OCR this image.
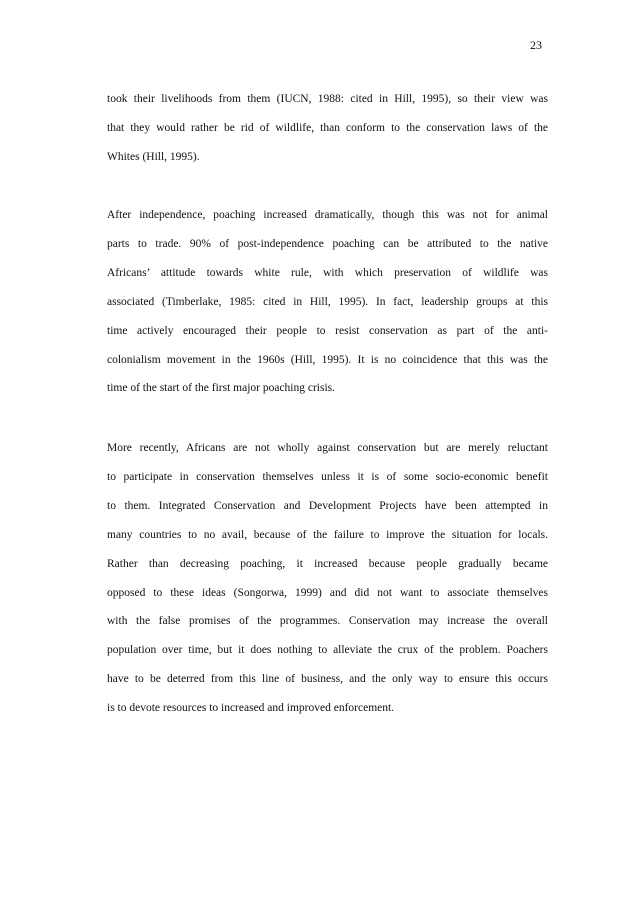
23

took their livelihoods from them (IUCN, 1988: cited in Hill, 1995), so their view was
that they would rather be rid of wildlife, than conform to the conservation laws of the
Whites (Hill, 1995).

After independence, poaching increased dramatically, though this was not for animal
parts to trade. 90% of post-independence poaching can be attributed to the native
Africans’ attitude towards white rule, with which preservation of wildlife was
associated (Timberlake, 1985: cited in Hill, 1995). In fact, leadership groups at this
time actively encouraged their people to resist conservation as part of the anti-
colonialism movement in the 1960s (Hill, 1995). It is no coincidence that this was the
time of the start of the first major poaching crisis.

More recently, Africans are not wholly against conservation but are merely reluctant
to participate in conservation themselves unless it is of some socio-economic benefit
to them. Integrated Conservation and Development Projects have been attempted in
many countries to no avail, because of the failure to improve the situation for locals.
Rather than decreasing poaching, it increased because people gradually became
opposed to these ideas (Songorwa, 1999) and did not want to associate themselves
with the false promises of the programmes. Conservation may increase the overall
population over time, but it does nothing to alleviate the crux of the problem. Poachers
have to be deterred from this line of business, and the only way to ensure this occurs
is to devote resources to increased and improved enforcement.
